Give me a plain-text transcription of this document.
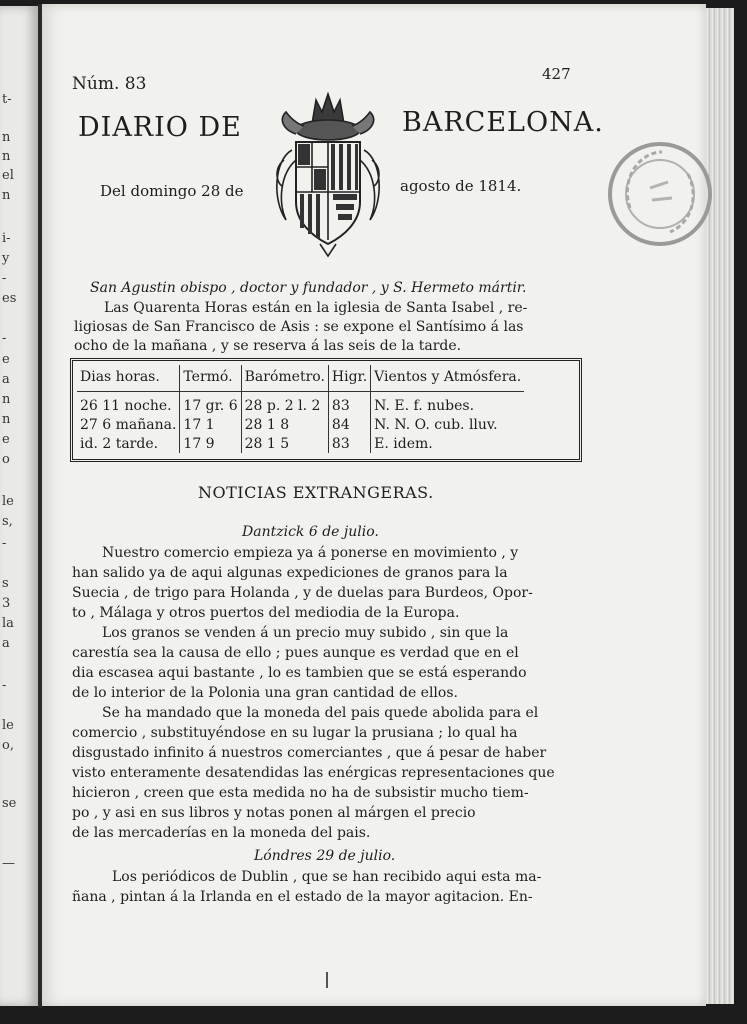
t-
n
n
el
n
i-
y
-
es
-
e
a
n
n
e
o
le
s,
-
s
3
la
a
-
le
o,
se
—
Núm. 83	427
DIARIO DE	BARCELONA.
Del domingo 28 de	agosto de 1814.
San Agustin obispo , doctor y fundador , y S. Hermeto mártir.
Las Quarenta Horas están en la iglesia de Santa Isabel , re-
ligiosas de San Francisco de Asis : se expone el Santísimo á las
ocho de la mañana , y se reserva á las seis de la tarde.
Dias horas.	Termó.	Barómetro.	Higr.	Vientos y Atmósfera.
26 11 noche.	17 gr. 6	28 p. 2 l. 2	83	N. E. f. nubes.
27 6 mañana.	17 1	28 1 8	84	N. N. O. cub. lluv.
id. 2 tarde.	17 9	28 1 5	83	E. idem.
NOTICIAS EXTRANGERAS.
Dantzick 6 de julio.
Nuestro comercio empieza ya á ponerse en movimiento , y
han salido ya de aqui algunas expediciones de granos para la
Suecia , de trigo para Holanda , y de duelas para Burdeos, Opor-
to , Málaga y otros puertos del mediodia de la Europa.
Los granos se venden á un precio muy subido , sin que la
carestía sea la causa de ello ; pues aunque es verdad que en el
dia escasea aqui bastante , lo es tambien que se está esperando
de lo interior de la Polonia una gran cantidad de ellos.
Se ha mandado que la moneda del pais quede abolida para el
comercio , substituyéndose en su lugar la prusiana ; lo qual ha
disgustado infinito á nuestros comerciantes , que á pesar de haber
visto enteramente desatendidas las enérgicas representaciones que
hicieron , creen que esta medida no ha de subsistir mucho tiem-
po , y asi en sus libros y notas ponen al márgen el precio
de las mercaderías en la moneda del pais.
Lóndres 29 de julio.
Los periódicos de Dublin , que se han recibido aqui esta ma-
ñana , pintan á la Irlanda en el estado de la mayor agitacion. En-
